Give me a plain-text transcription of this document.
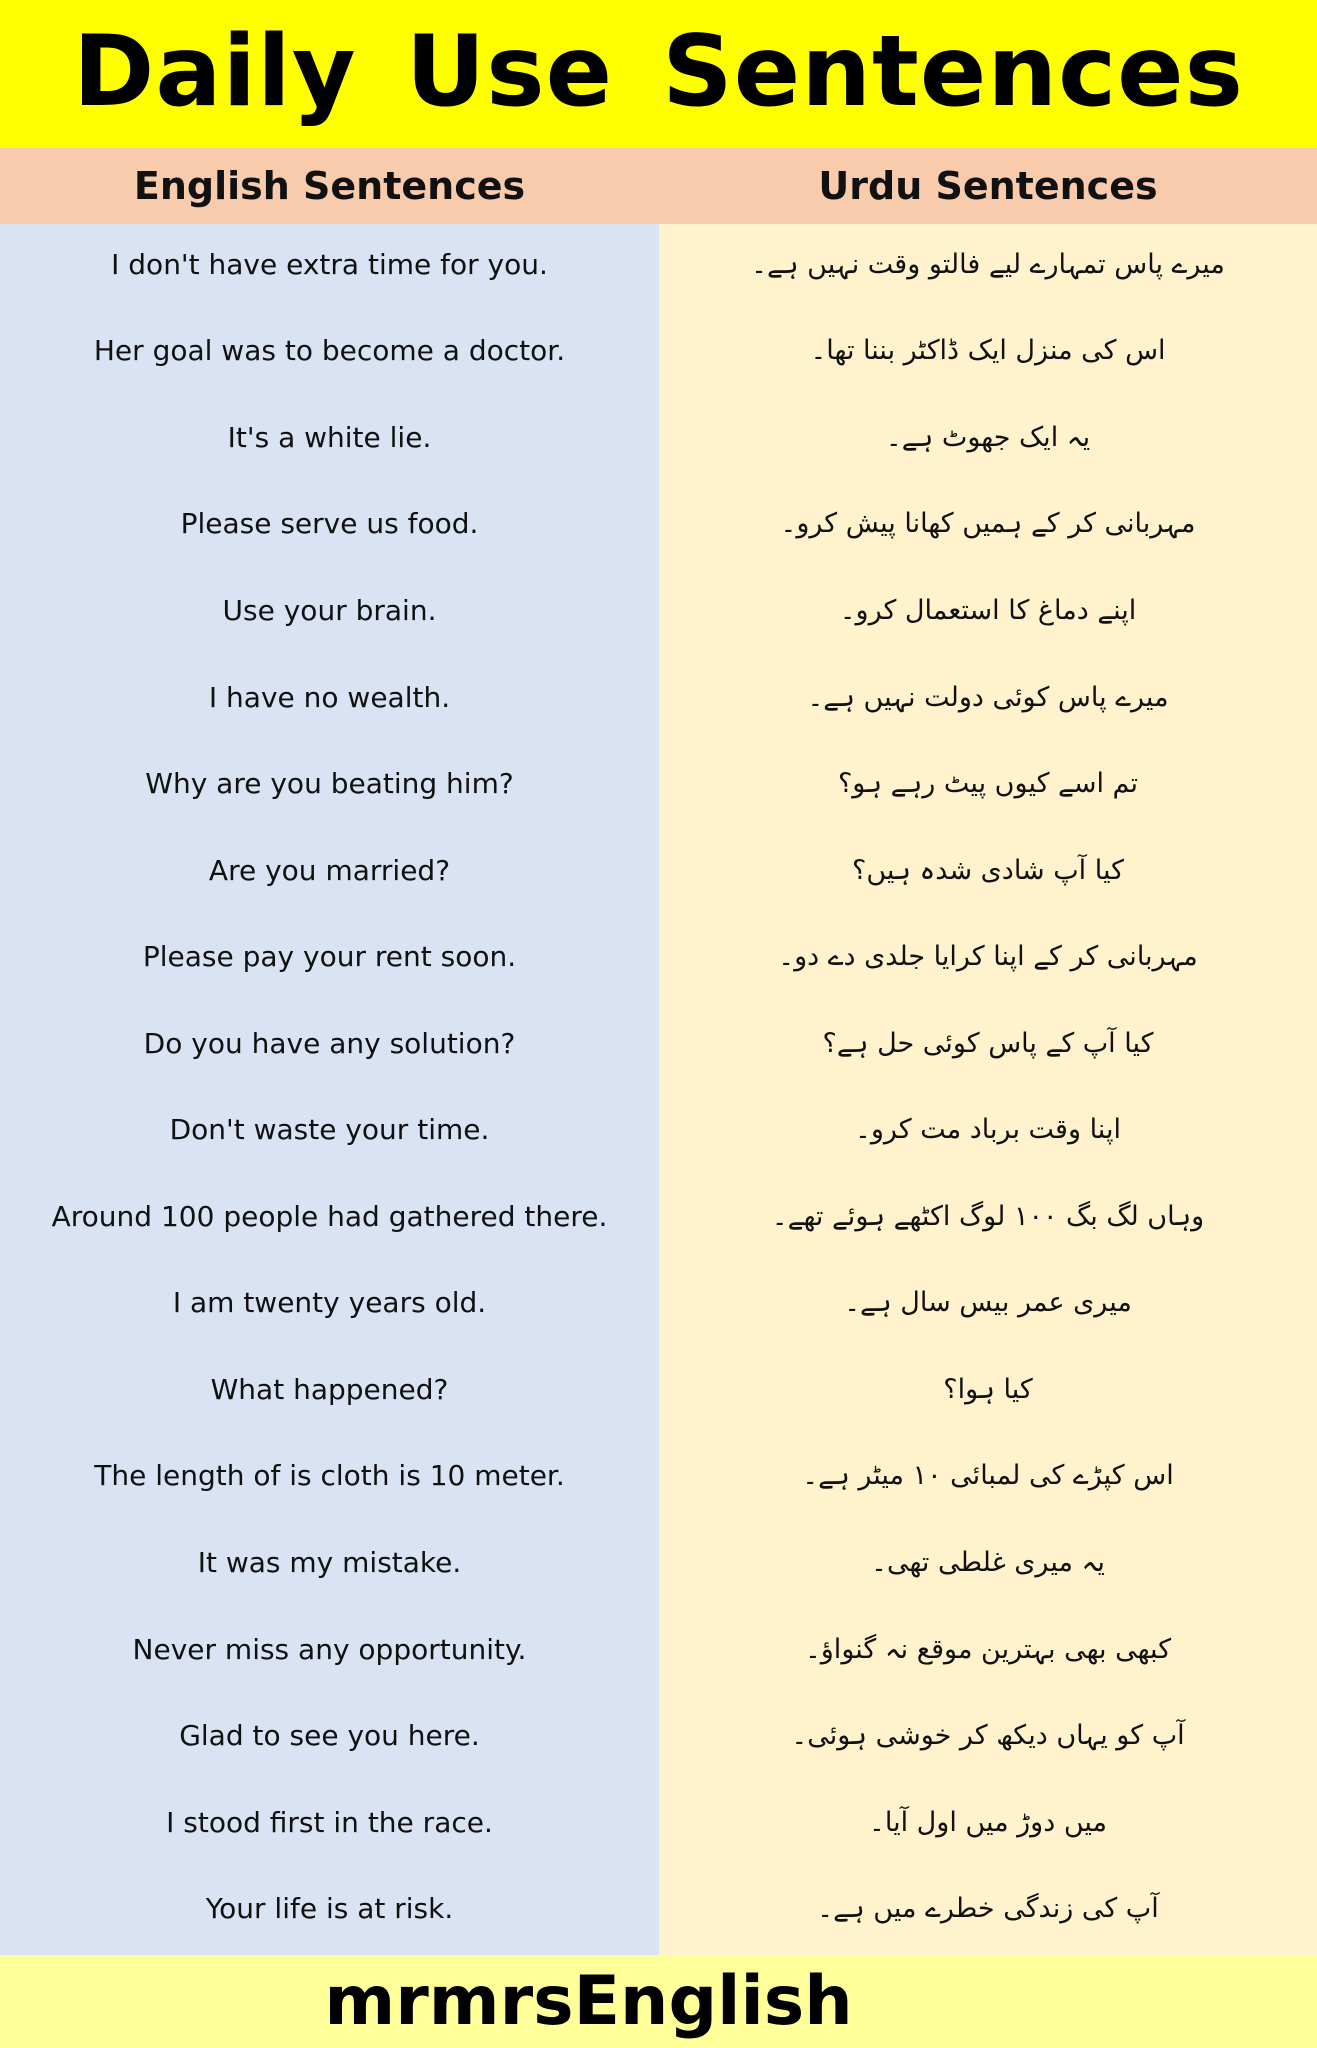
Daily Use Sentences
English Sentences	Urdu Sentences
I don't have extra time for you.
Her goal was to become a doctor.
It's a white lie.
Please serve us food.
Use your brain.
I have no wealth.
Why are you beating him?
Are you married?
Please pay your rent soon.
Do you have any solution?
Don't waste your time.
Around 100 people had gathered there.
I am twenty years old.
What happened?
The length of is cloth is 10 meter.
It was my mistake.
Never miss any opportunity.
Glad to see you here.
I stood first in the race.
Your life is at risk.
میرے پاس تمہارے لیے فالتو وقت نہیں ہے۔
اس کی منزل ایک ڈاکٹر بننا تھا۔
یہ ایک جھوٹ ہے۔
مہربانی کر کے ہمیں کھانا پیش کرو۔
اپنے دماغ کا استعمال کرو۔
میرے پاس کوئی دولت نہیں ہے۔
تم اسے کیوں پیٹ رہے ہو؟
کیا آپ شادی شدہ ہیں؟
مہربانی کر کے اپنا کرایا جلدی دے دو۔
کیا آپ کے پاس کوئی حل ہے؟
اپنا وقت برباد مت کرو۔
وہاں لگ بگ ۱۰۰ لوگ اکٹھے ہوئے تھے۔
میری عمر بیس سال ہے۔
کیا ہوا؟
اس کپڑے کی لمبائی ۱۰ میٹر ہے۔
یہ میری غلطی تھی۔
کبھی بھی بہترین موقع نہ گنواؤ۔
آپ کو یہاں دیکھ کر خوشی ہوئی۔
میں دوڑ میں اول آیا۔
آپ کی زندگی خطرے میں ہے۔
mrmrsEnglish
